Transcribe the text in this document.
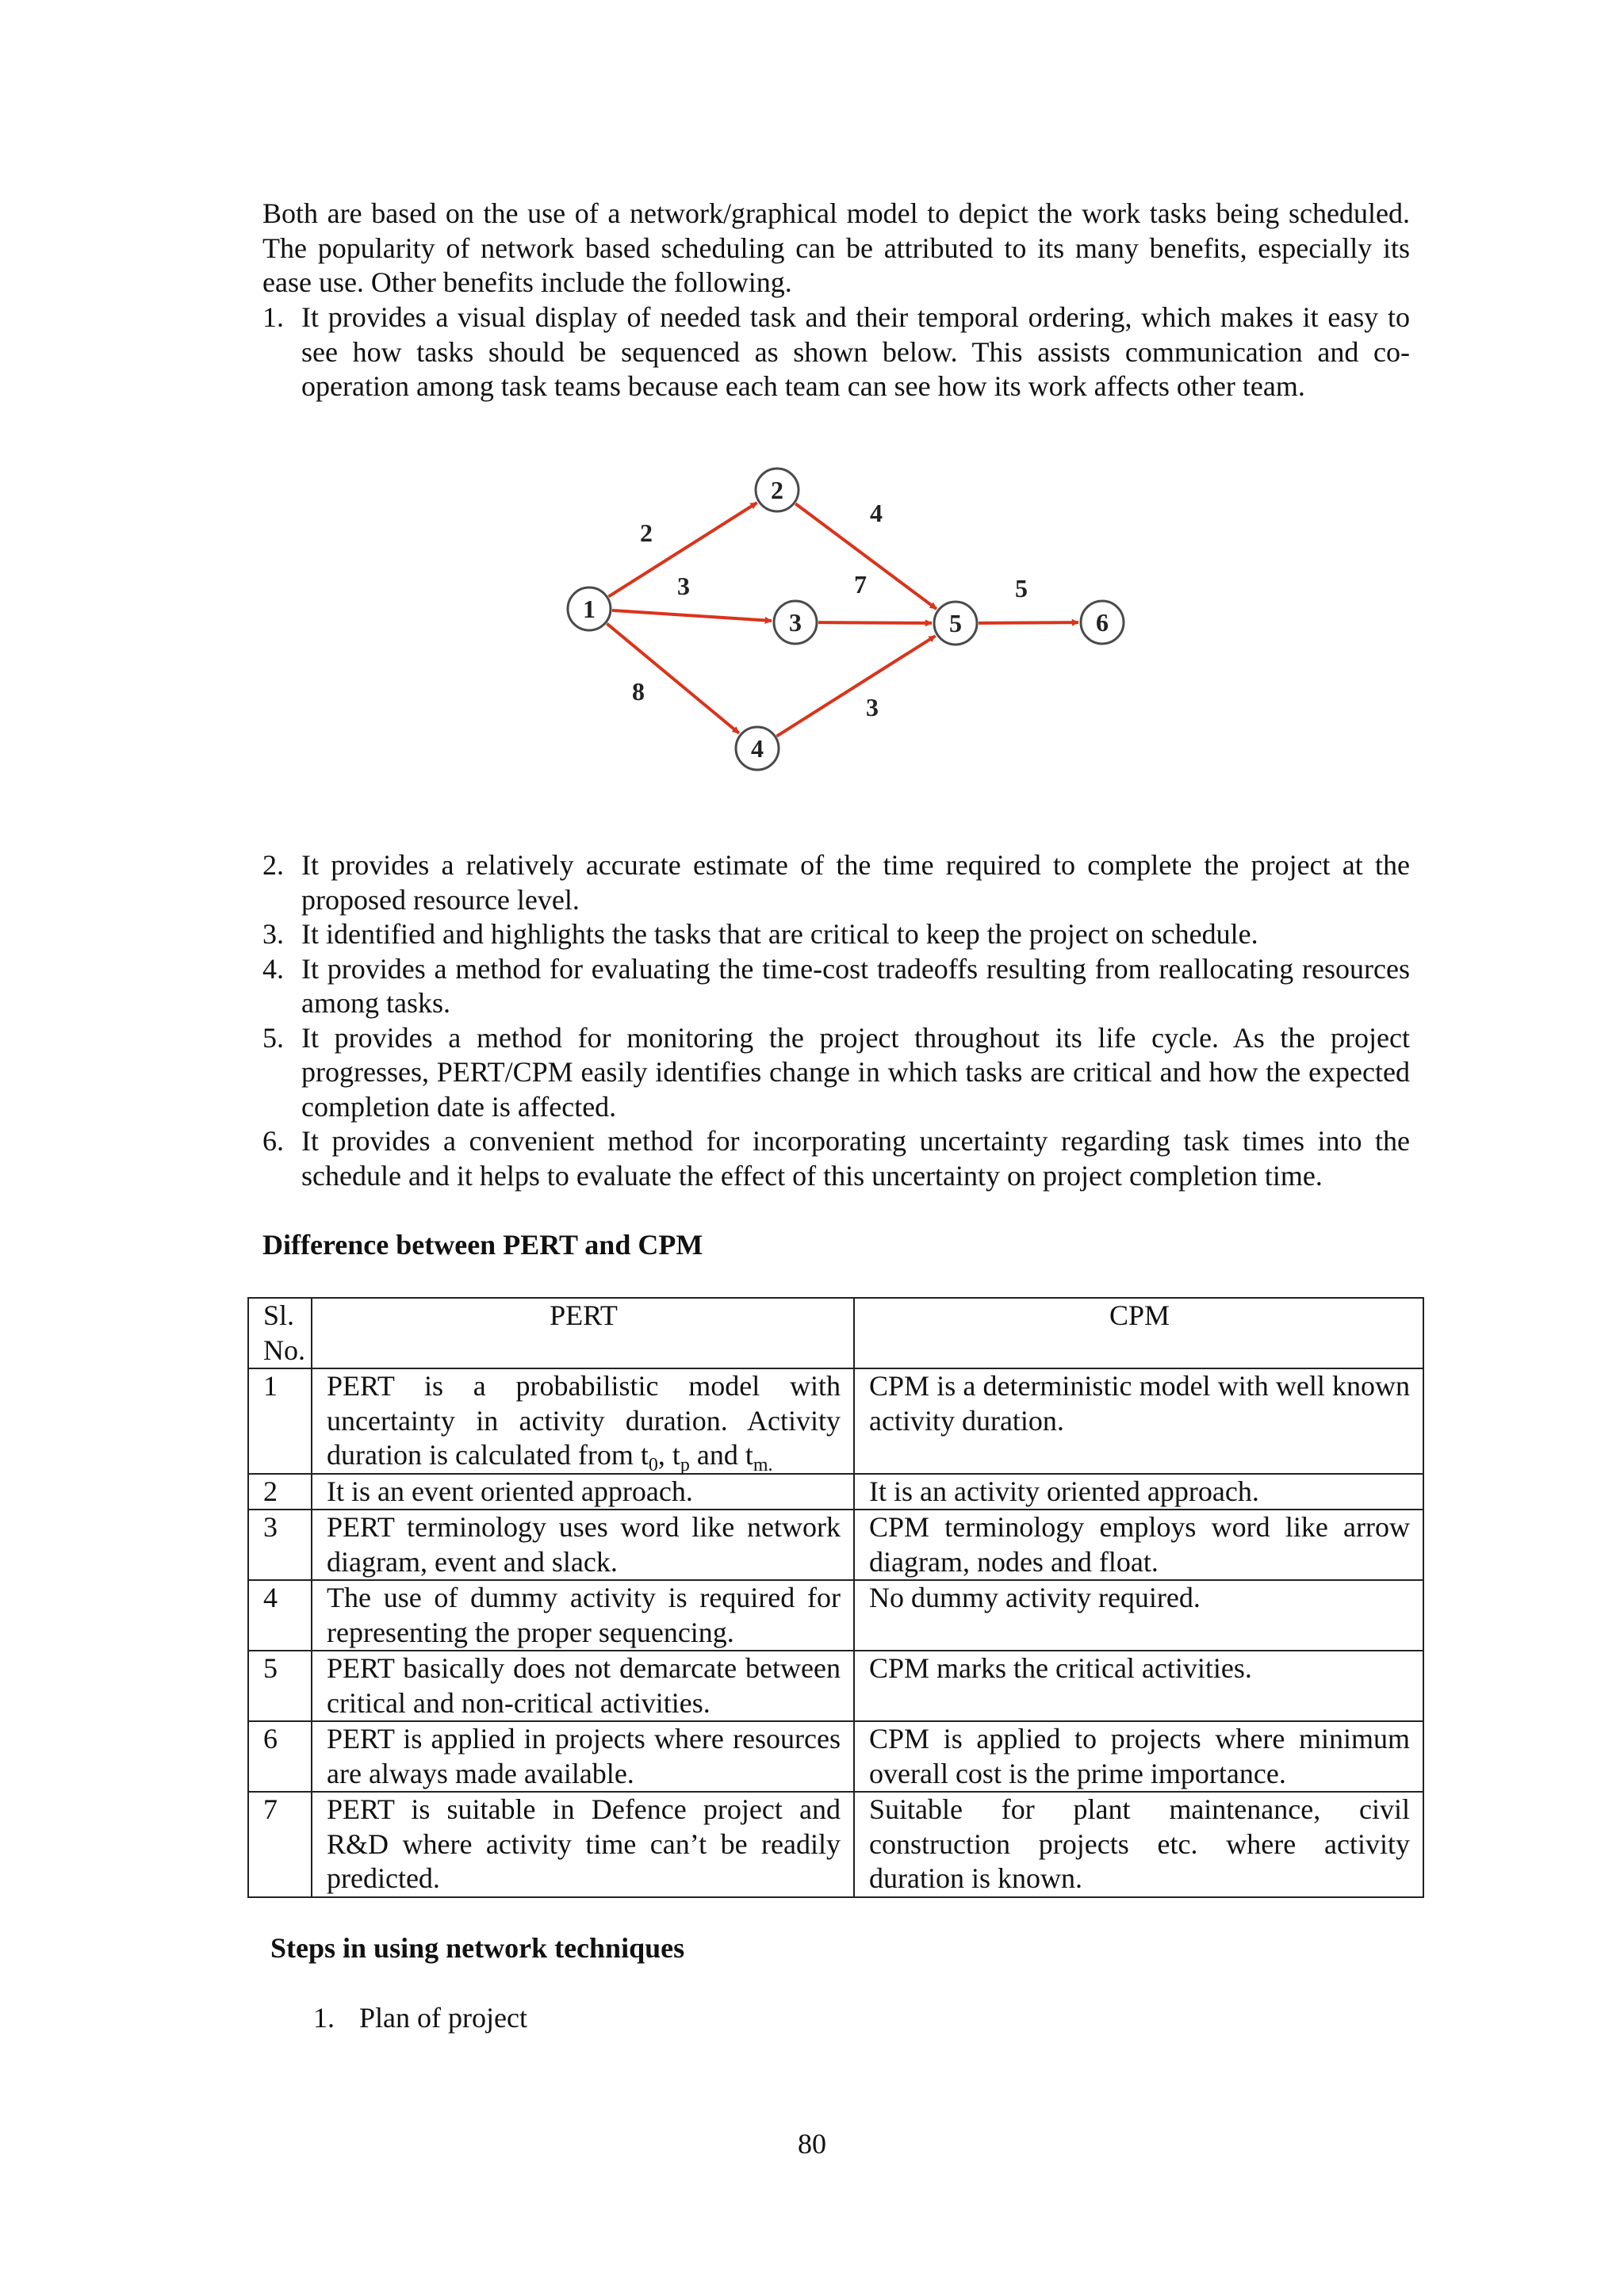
Both are based on the use of a network/graphical model to depict the work tasks being scheduled. The popularity of network based scheduling can be attributed to its many benefits, especially its ease use. Other benefits include the following.

1. It provides a visual display of needed task and their temporal ordering, which makes it easy to see how tasks should be sequenced as shown below. This assists communication and co-operation among task teams because each team can see how its work affects other team.
1
2
3
4
5	6
2
3
8
4
7
3
5
2. It provides a relatively accurate estimate of the time required to complete the project at the proposed resource level.
3. It identified and highlights the tasks that are critical to keep the project on schedule.
4. It provides a method for evaluating the time-cost tradeoffs resulting from reallocating resources among tasks.
5. It provides a method for monitoring the project throughout its life cycle. As the project progresses, PERT/CPM easily identifies change in which tasks are critical and how the expected completion date is affected.
6. It provides a convenient method for incorporating uncertainty regarding task times into the schedule and it helps to evaluate the effect of this uncertainty on project completion time.
Difference between PERT and CPM
Sl. No.	PERT	CPM
1	PERT is a probabilistic model with uncertainty in activity duration. Activity duration is calculated from $t_0$, $t_p$ and $t_{m.}$	CPM is a deterministic model with well known activity duration.
2	It is an event oriented approach.	It is an activity oriented approach.
3	PERT terminology uses word like network diagram, event and slack.	CPM terminology employs word like arrow diagram, nodes and float.
4	The use of dummy activity is required for representing the proper sequencing.	No dummy activity required.
5	PERT basically does not demarcate between critical and non-critical activities.	CPM marks the critical activities.
6	PERT is applied in projects where resources are always made available.	CPM is applied to projects where minimum overall cost is the prime importance.
7	PERT is suitable in Defence project and R&D where activity time can’t be readily predicted.	Suitable for plant maintenance, civil construction projects etc. where activity duration is known.
Steps in using network techniques
1. Plan of project
80
